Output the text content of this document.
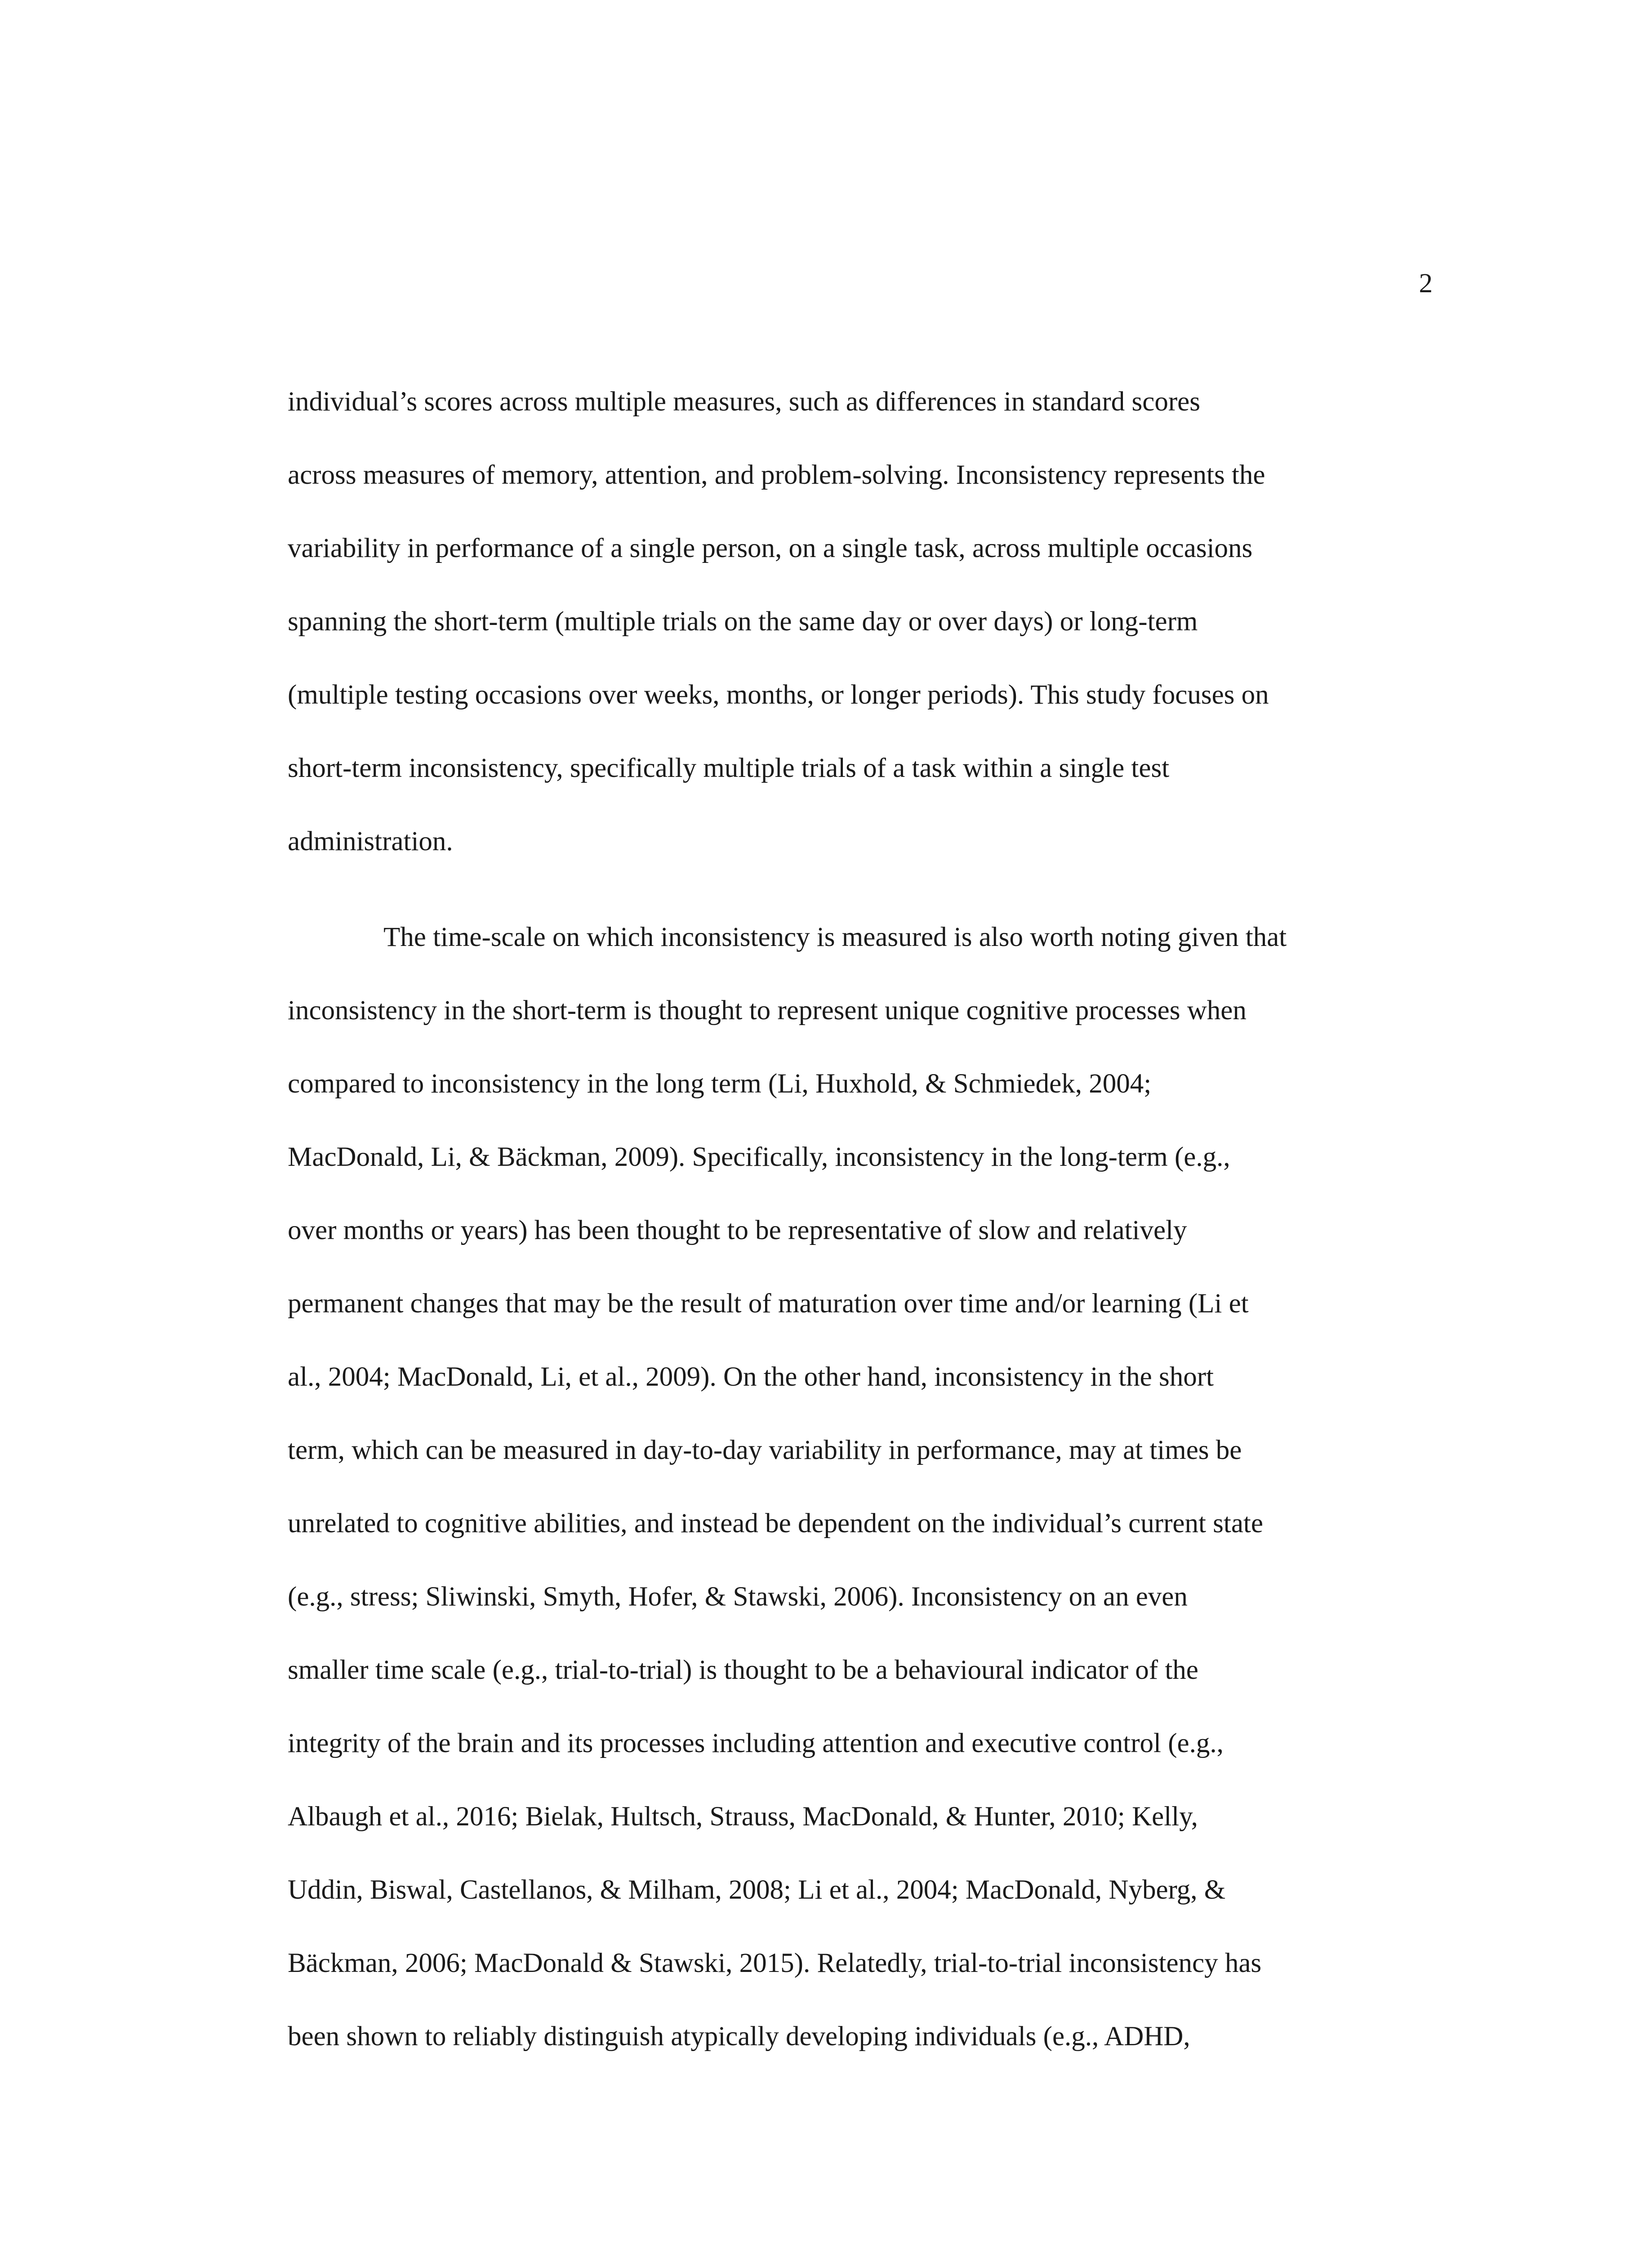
2
individual’s scores across multiple measures, such as differences in standard scores
across measures of memory, attention, and problem-solving. Inconsistency represents the
variability in performance of a single person, on a single task, across multiple occasions
spanning the short-term (multiple trials on the same day or over days) or long-term
(multiple testing occasions over weeks, months, or longer periods). This study focuses on
short-term inconsistency, specifically multiple trials of a task within a single test
administration.
The time-scale on which inconsistency is measured is also worth noting given that
inconsistency in the short-term is thought to represent unique cognitive processes when
compared to inconsistency in the long term (Li, Huxhold, & Schmiedek, 2004;
MacDonald, Li, & Bäckman, 2009). Specifically, inconsistency in the long-term (e.g.,
over months or years) has been thought to be representative of slow and relatively
permanent changes that may be the result of maturation over time and/or learning (Li et
al., 2004; MacDonald, Li, et al., 2009). On the other hand, inconsistency in the short
term, which can be measured in day-to-day variability in performance, may at times be
unrelated to cognitive abilities, and instead be dependent on the individual’s current state
(e.g., stress; Sliwinski, Smyth, Hofer, & Stawski, 2006). Inconsistency on an even
smaller time scale (e.g., trial-to-trial) is thought to be a behavioural indicator of the
integrity of the brain and its processes including attention and executive control (e.g.,
Albaugh et al., 2016; Bielak, Hultsch, Strauss, MacDonald, & Hunter, 2010; Kelly,
Uddin, Biswal, Castellanos, & Milham, 2008; Li et al., 2004; MacDonald, Nyberg, &
Bäckman, 2006; MacDonald & Stawski, 2015). Relatedly, trial-to-trial inconsistency has
been shown to reliably distinguish atypically developing individuals (e.g., ADHD,
